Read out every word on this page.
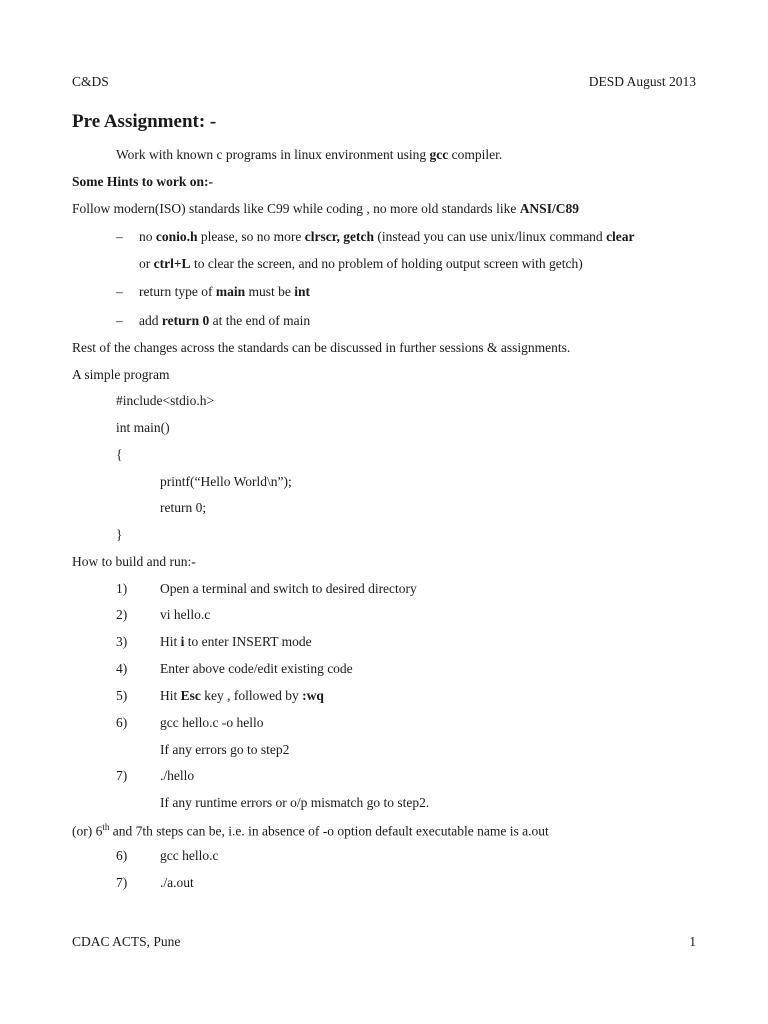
C&DS	DESD August 2013
Pre Assignment: -
Work with known c programs in linux environment using gcc compiler.
Some Hints to work on:-
Follow modern(ISO) standards like C99 while coding , no more old standards like ANSI/C89
– no conio.h please, so no more clrscr, getch (instead you can use unix/linux command clear
or ctrl+L to clear the screen, and no problem of holding output screen with getch)
– return type of main must be int
– add return 0 at the end of main
Rest of the changes across the standards can be discussed in further sessions & assignments.
A simple program
#include<stdio.h>
int main()
{
printf(“Hello World\n”);
return 0;
}
How to build and run:-
1) Open a terminal and switch to desired directory
2) vi hello.c
3) Hit i to enter INSERT mode
4) Enter above code/edit existing code
5) Hit Esc key , followed by :wq
6) gcc hello.c -o hello
If any errors go to step2
7) ./hello
If any runtime errors or o/p mismatch go to step2.
(or) 6th and 7th steps can be, i.e. in absence of -o option default executable name is a.out
6) gcc hello.c
7) ./a.out
CDAC ACTS, Pune	1
